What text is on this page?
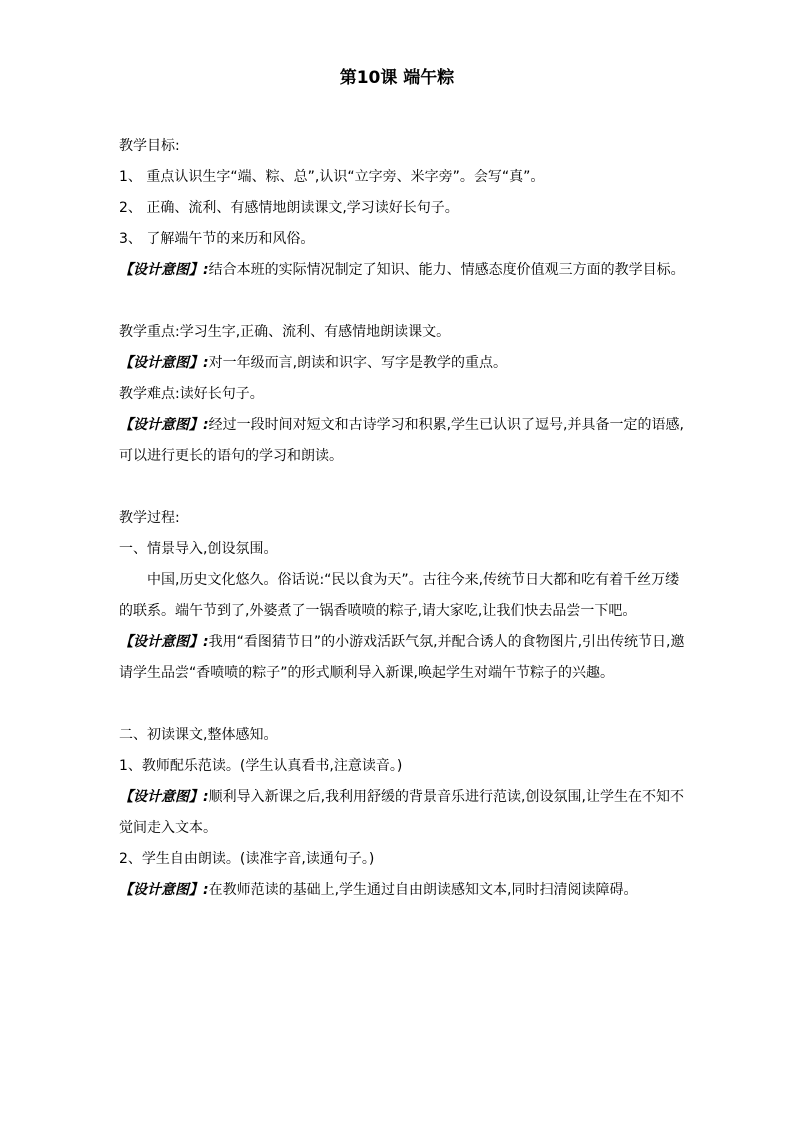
第10课 端午粽

教学目标:

1、 重点认识生字“端、粽、总”,认识“立字旁、米字旁”。会写“真”。

2、 正确、流利、有感情地朗读课文,学习读好长句子。

3、 了解端午节的来历和风俗。

【设计意图】:结合本班的实际情况制定了知识、能力、情感态度价值观三方面的教学目标。

教学重点:学习生字,正确、流利、有感情地朗读课文。

【设计意图】:对一年级而言,朗读和识字、写字是教学的重点。

教学难点:读好长句子。

【设计意图】:经过一段时间对短文和古诗学习和积累,学生已认识了逗号,并具备一定的语感,可以进行更长的语句的学习和朗读。

教学过程:

一、情景导入,创设氛围。

中国,历史文化悠久。俗话说:“民以食为天”。古往今来,传统节日大都和吃有着千丝万缕的联系。端午节到了,外婆煮了一锅香喷喷的粽子,请大家吃,让我们快去品尝一下吧。

【设计意图】:我用“看图猜节日”的小游戏活跃气氛,并配合诱人的食物图片,引出传统节日,邀请学生品尝“香喷喷的粽子”的形式顺利导入新课,唤起学生对端午节粽子的兴趣。

二、初读课文,整体感知。

1、教师配乐范读。(学生认真看书,注意读音。)

【设计意图】:顺利导入新课之后,我利用舒缓的背景音乐进行范读,创设氛围,让学生在不知不觉间走入文本。

2、学生自由朗读。(读准字音,读通句子。)

【设计意图】:在教师范读的基础上,学生通过自由朗读感知文本,同时扫清阅读障碍。
